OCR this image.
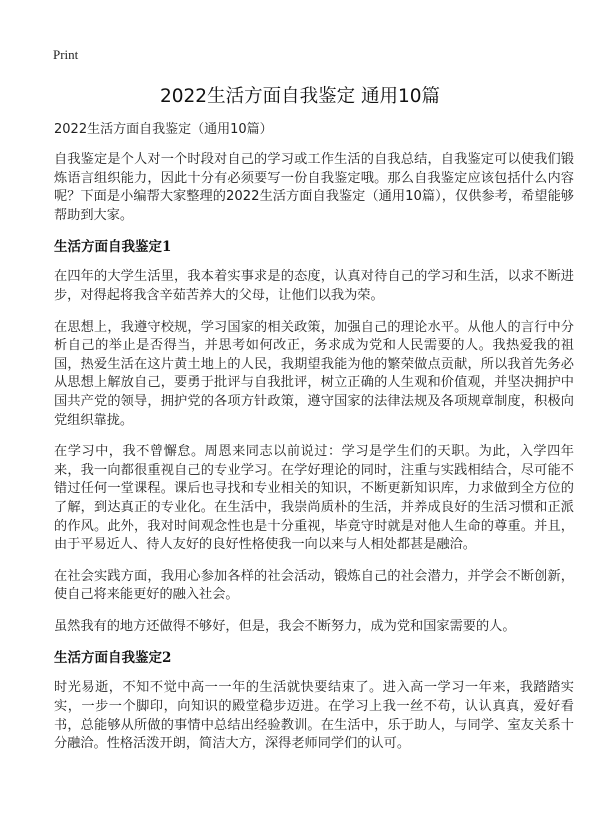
Print
2022生活方面自我鉴定 通用10篇
2022生活方面自我鉴定（通用10篇）

自我鉴定是个人对一个时段对自己的学习或工作生活的自我总结，自我鉴定可以使我们锻炼语言组织能力，因此十分有必须要写一份自我鉴定哦。那么自我鉴定应该包括什么内容呢？下面是小编帮大家整理的2022生活方面自我鉴定（通用10篇），仅供参考，希望能够帮助到大家。

生活方面自我鉴定1

在四年的大学生活里，我本着实事求是的态度，认真对待自己的学习和生活，以求不断进步，对得起将我含辛茹苦养大的父母，让他们以我为荣。

在思想上，我遵守校规，学习国家的相关政策，加强自己的理论水平。从他人的言行中分析自己的举止是否得当，并思考如何改正，务求成为党和人民需要的人。我热爱我的祖国，热爱生活在这片黄土地上的人民，我期望我能为他的繁荣做点贡献，所以我首先务必从思想上解放自己，要勇于批评与自我批评，树立正确的人生观和价值观，并坚决拥护中国共产党的领导，拥护党的各项方针政策，遵守国家的法律法规及各项规章制度，积极向党组织靠拢。

在学习中，我不曾懈怠。周恩来同志以前说过：学习是学生们的天职。为此，入学四年来，我一向都很重视自己的专业学习。在学好理论的同时，注重与实践相结合，尽可能不错过任何一堂课程。课后也寻找和专业相关的知识，不断更新知识库，力求做到全方位的了解，到达真正的专业化。在生活中，我崇尚质朴的生活，并养成良好的生活习惯和正派的作风。此外，我对时间观念性也是十分重视，毕竟守时就是对他人生命的尊重。并且，由于平易近人、待人友好的良好性格使我一向以来与人相处都甚是融洽。

在社会实践方面，我用心参加各样的社会活动，锻炼自己的社会潜力，并学会不断创新，使自己将来能更好的融入社会。

虽然我有的地方还做得不够好，但是，我会不断努力，成为党和国家需要的人。

生活方面自我鉴定2

时光易逝，不知不觉中高一一年的生活就快要结束了。进入高一学习一年来，我踏踏实实，一步一个脚印，向知识的殿堂稳步迈进。在学习上我一丝不苟，认认真真，爱好看书，总能够从所做的事情中总结出经验教训。在生活中，乐于助人，与同学、室友关系十分融洽。性格活泼开朗，简洁大方，深得老师同学们的认可。
